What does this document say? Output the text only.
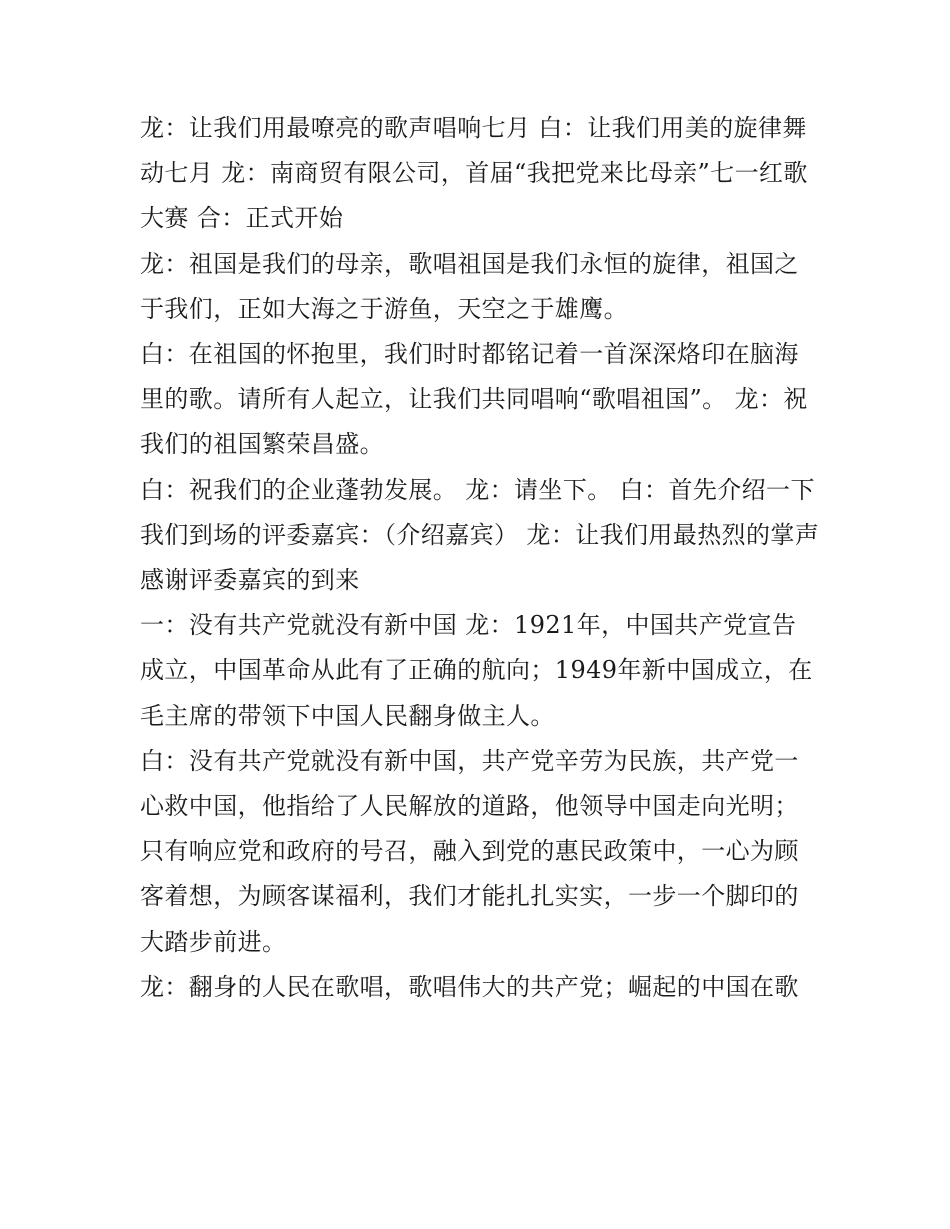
龙：让我们用最嘹亮的歌声唱响七月 白：让我们用美的旋律舞动七月 龙：南商贸有限公司，首届“我把党来比母亲”七一红歌大赛 合：正式开始

龙：祖国是我们的母亲，歌唱祖国是我们永恒的旋律，祖国之于我们，正如大海之于游鱼，天空之于雄鹰。

白：在祖国的怀抱里，我们时时都铭记着一首深深烙印在脑海里的歌。请所有人起立，让我们共同唱响“歌唱祖国”。 龙：祝我们的祖国繁荣昌盛。

白：祝我们的企业蓬勃发展。 龙：请坐下。 白：首先介绍一下我们到场的评委嘉宾：（介绍嘉宾） 龙：让我们用最热烈的掌声感谢评委嘉宾的到来

一：没有共产党就没有新中国 龙：1921年，中国共产党宣告成立，中国革命从此有了正确的航向；1949年新中国成立，在毛主席的带领下中国人民翻身做主人。

白：没有共产党就没有新中国，共产党辛劳为民族，共产党一心救中国，他指给了人民解放的道路，他领导中国走向光明；只有响应党和政府的号召，融入到党的惠民政策中，一心为顾客着想，为顾客谋福利，我们才能扎扎实实，一步一个脚印的大踏步前进。

龙：翻身的人民在歌唱，歌唱伟大的共产党；崛起的中国在歌
